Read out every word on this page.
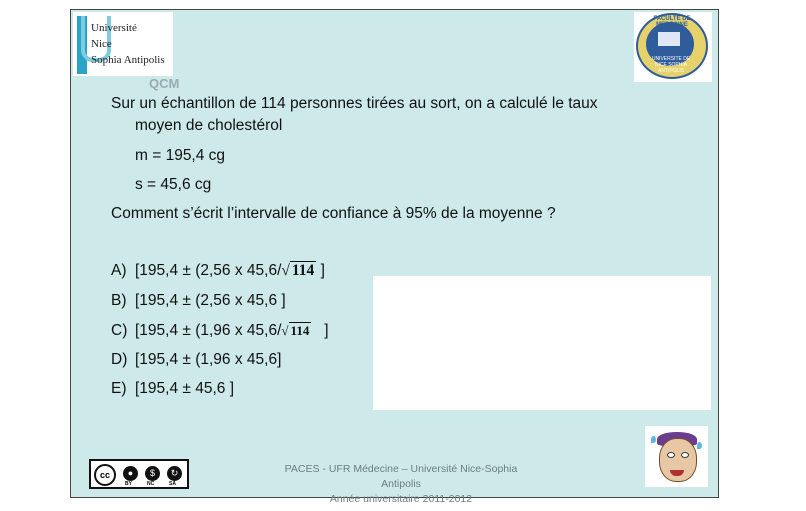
Université
Nice
Sophia Antipolis
FACULTE DE MEDECINE
UNIVERSITE DE NICE SOPHIA ANTIPOLIS
QCM
Sur un échantillon de 114 personnes tirées au sort, on a calculé le taux
moyen de cholestérol
m = 195,4 cg
s = 45,6 cg
Comment s’écrit l’intervalle de confiance à 95% de la moyenne ?
A) [195,4 ± (2,56 x 45,6/√ 114 ]
B) [195,4 ± (2,56 x 45,6 ]
C) [195,4 ± (1,96 x 45,6/√ 114 ]
D) [195,4 ± (1,96 x 45,6]
E) [195,4 ± 45,6 ]
cc	●	$	↻
BY	NC	SA
PACES - UFR Médecine – Université Nice-Sophia Antipolis
Année universitaire 2011-2012
